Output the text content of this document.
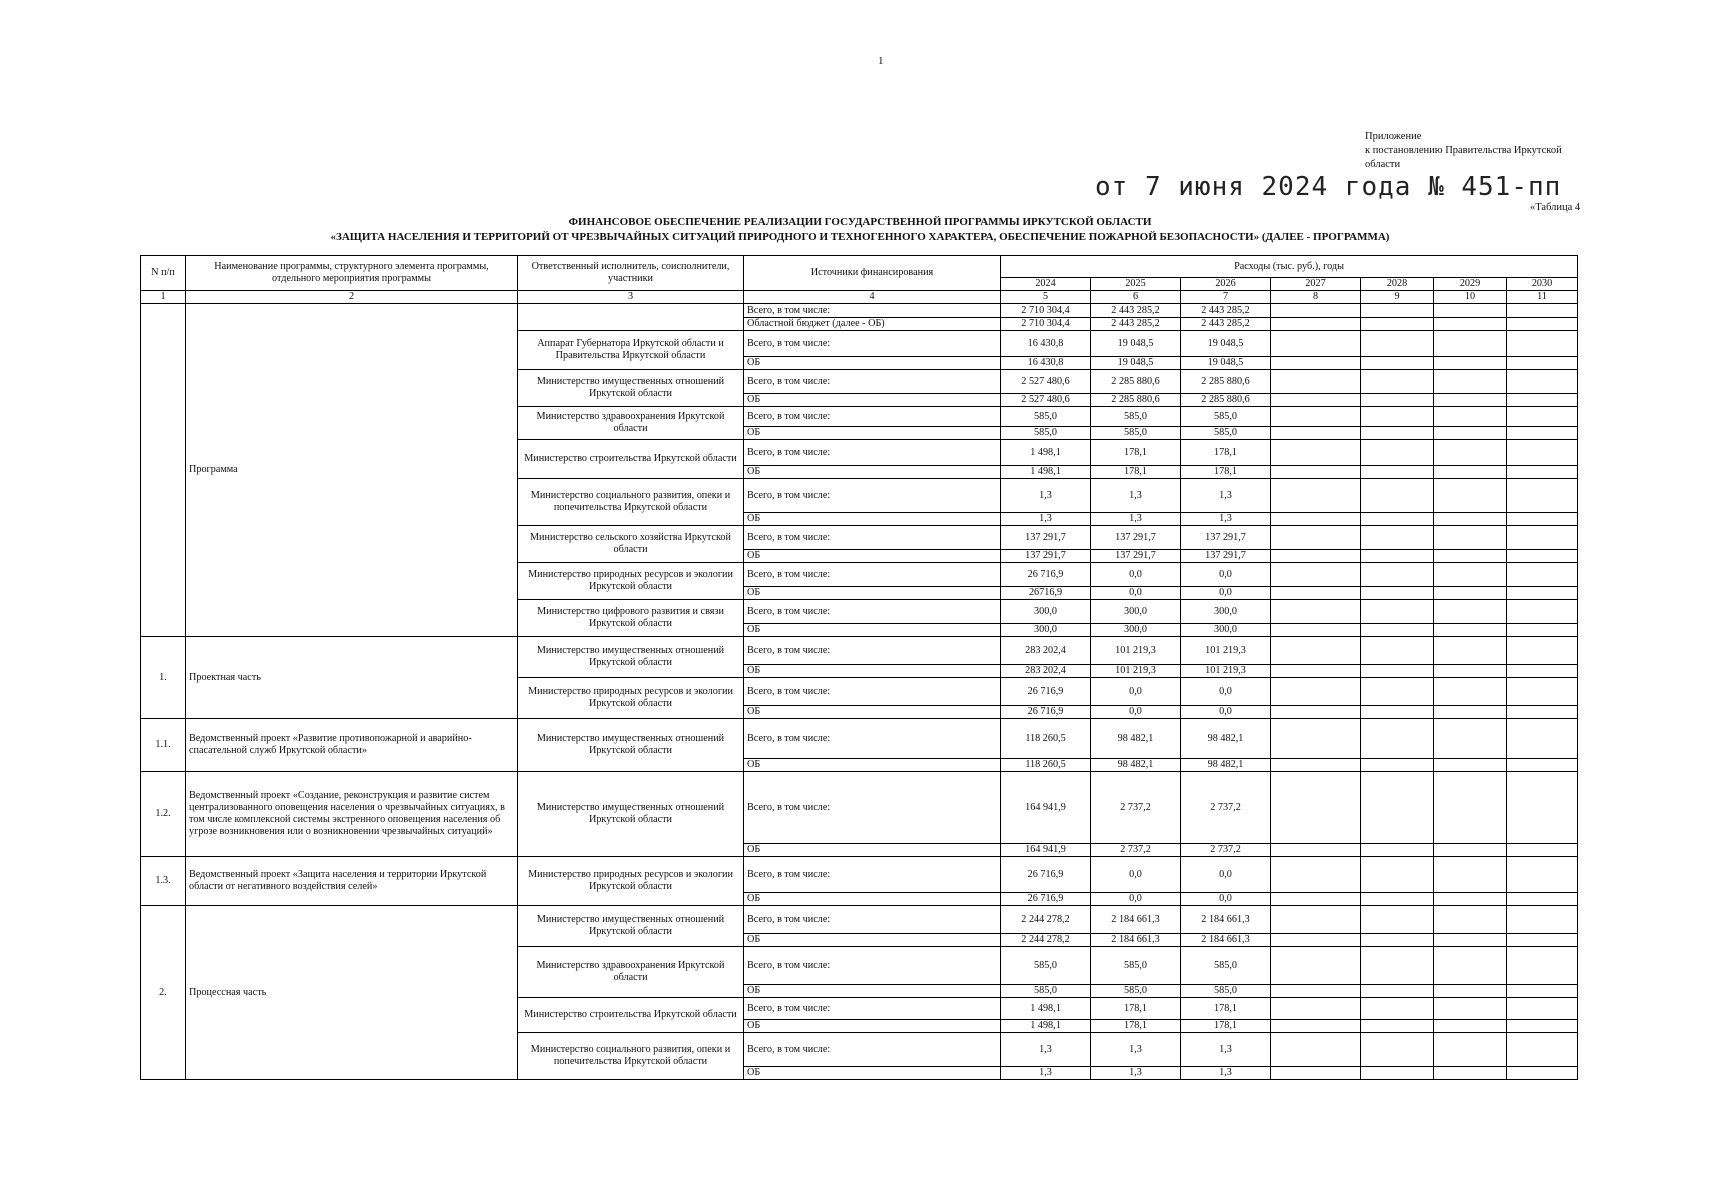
1
Приложение
к постановлению Правительства Иркутской
области
от 7 июня 2024 года № 451-пп
«Таблица 4
ФИНАНСОВОЕ ОБЕСПЕЧЕНИЕ РЕАЛИЗАЦИИ ГОСУДАРСТВЕННОЙ ПРОГРАММЫ ИРКУТСКОЙ ОБЛАСТИ
«ЗАЩИТА НАСЕЛЕНИЯ И ТЕРРИТОРИЙ ОТ ЧРЕЗВЫЧАЙНЫХ СИТУАЦИЙ ПРИРОДНОГО И ТЕХНОГЕННОГО ХАРАКТЕРА, ОБЕСПЕЧЕНИЕ ПОЖАРНОЙ БЕЗОПАСНОСТИ» (ДАЛЕЕ - ПРОГРАММА)
N п/п	Наименование программы, структурного элемента программы, отдельного мероприятия программы	Ответственный исполнитель, соисполнители, участники	Источники финансирования	Расходы (тыс. руб.), годы						
				2024	2025	2026	2027	2028	2029	2030
1	2	3	4	5	6	7	8	9	10	11
	Программа		Всего, в том числе:	2 710 304,4	2 443 285,2	2 443 285,2				
			Областной бюджет (далее - ОБ)	2 710 304,4	2 443 285,2	2 443 285,2				
		Аппарат Губернатора Иркутской области и Правительства Иркутской области	Всего, в том числе:	16 430,8	19 048,5	19 048,5				
			ОБ	16 430,8	19 048,5	19 048,5				
		Министерство имущественных отношений Иркутской области	Всего, в том числе:	2 527 480,6	2 285 880,6	2 285 880,6				
			ОБ	2 527 480,6	2 285 880,6	2 285 880,6				
		Министерство здравоохранения Иркутской области	Всего, в том числе:	585,0	585,0	585,0				
			ОБ	585,0	585,0	585,0				
		Министерство строительства Иркутской области	Всего, в том числе:	1 498,1	178,1	178,1				
			ОБ	1 498,1	178,1	178,1				
		Министерство социального развития, опеки и попечительства Иркутской области	Всего, в том числе:	1,3	1,3	1,3				
			ОБ	1,3	1,3	1,3				
		Министерство сельского хозяйства Иркутской области	Всего, в том числе:	137 291,7	137 291,7	137 291,7				
			ОБ	137 291,7	137 291,7	137 291,7				
		Министерство природных ресурсов и экологии Иркутской области	Всего, в том числе:	26 716,9	0,0	0,0				
			ОБ	26716,9	0,0	0,0				
		Министерство цифрового развития и связи Иркутской области	Всего, в том числе:	300,0	300,0	300,0				
			ОБ	300,0	300,0	300,0				
1.	Проектная часть	Министерство имущественных отношений Иркутской области	Всего, в том числе:	283 202,4	101 219,3	101 219,3				
			ОБ	283 202,4	101 219,3	101 219,3				
		Министерство природных ресурсов и экологии Иркутской области	Всего, в том числе:	26 716,9	0,0	0,0				
			ОБ	26 716,9	0,0	0,0				
1.1.	Ведомственный проект «Развитие противопожарной и аварийно-спасательной служб Иркутской области»	Министерство имущественных отношений Иркутской области	Всего, в том числе:	118 260,5	98 482,1	98 482,1				
			ОБ	118 260,5	98 482,1	98 482,1				
1.2.	Ведомственный проект «Создание, реконструкция и развитие систем централизованного оповещения населения о чрезвычайных ситуациях, в том числе комплексной системы экстренного оповещения населения об угрозе возникновения или о возникновении чрезвычайных ситуаций»	Министерство имущественных отношений Иркутской области	Всего, в том числе:	164 941,9	2 737,2	2 737,2				
			ОБ	164 941,9	2 737,2	2 737,2				
1.3.	Ведомственный проект «Защита населения и территории Иркутской области от негативного воздействия селей»	Министерство природных ресурсов и экологии Иркутской области	Всего, в том числе:	26 716,9	0,0	0,0				
			ОБ	26 716,9	0,0	0,0				
2.	Процессная часть	Министерство имущественных отношений Иркутской области	Всего, в том числе:	2 244 278,2	2 184 661,3	2 184 661,3				
			ОБ	2 244 278,2	2 184 661,3	2 184 661,3				
		Министерство здравоохранения Иркутской области	Всего, в том числе:	585,0	585,0	585,0				
			ОБ	585,0	585,0	585,0				
		Министерство строительства Иркутской области	Всего, в том числе:	1 498,1	178,1	178,1				
			ОБ	1 498,1	178,1	178,1				
		Министерство социального развития, опеки и попечительства Иркутской области	Всего, в том числе:	1,3	1,3	1,3				
			ОБ	1,3	1,3	1,3				
